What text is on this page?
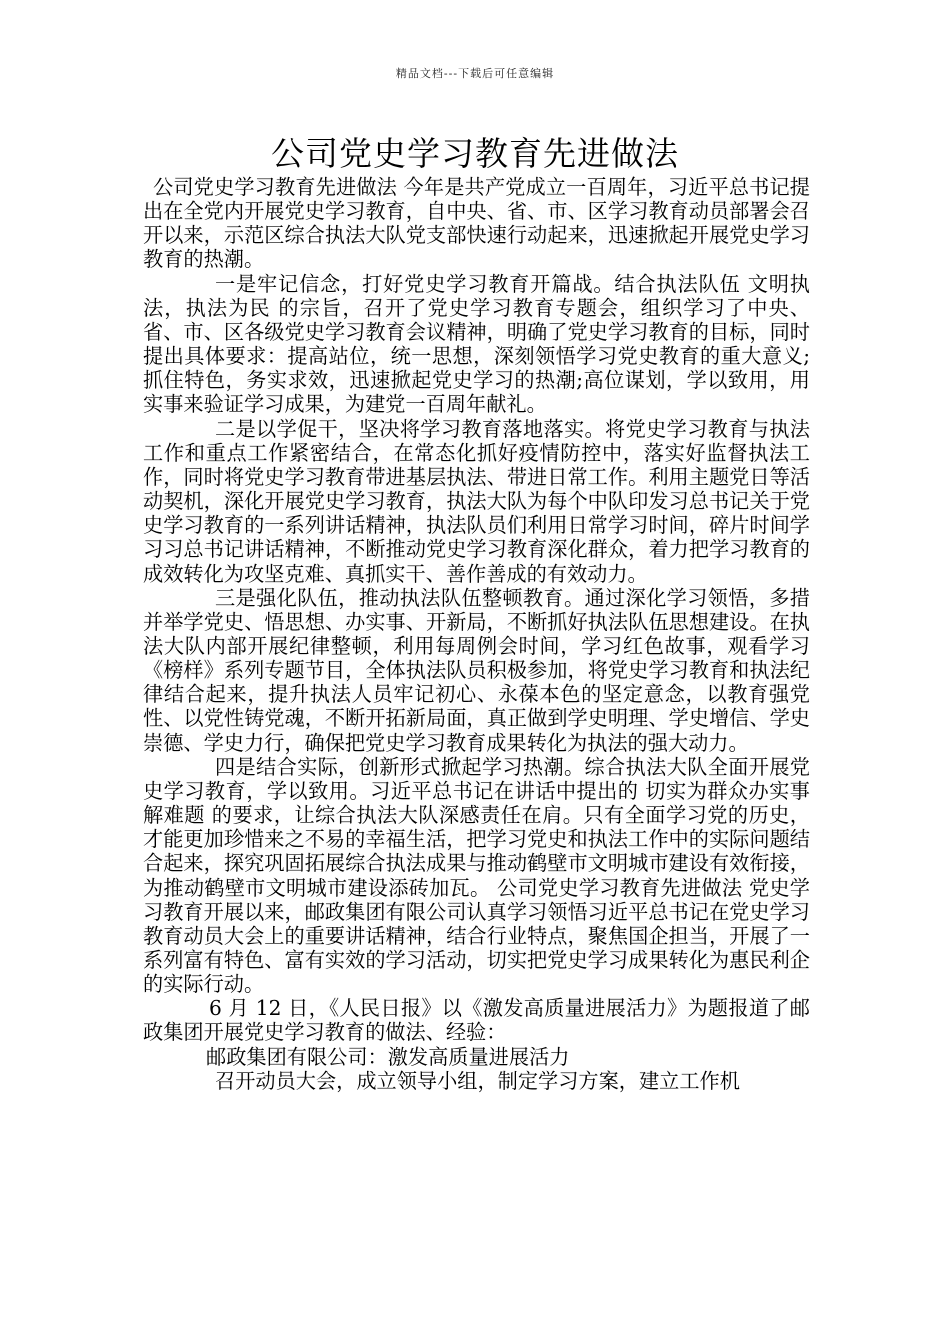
精品文档---下载后可任意编辑
公司党史学习教育先进做法

公司党史学习教育先进做法 今年是共产党成立一百周年，习近平总书记提出在全党内开展党史学习教育，自中央、省、市、区学习教育动员部署会召开以来，示范区综合执法大队党支部快速行动起来，迅速掀起开展党史学习教育的热潮。

一是牢记信念，打好党史学习教育开篇战。结合执法队伍 文明执法，执法为民 的宗旨，召开了党史学习教育专题会，组织学习了中央、省、市、区各级党史学习教育会议精神，明确了党史学习教育的目标，同时提出具体要求：提高站位，统一思想，深刻领悟学习党史教育的重大意义;抓住特色，务实求效，迅速掀起党史学习的热潮;高位谋划，学以致用，用实事来验证学习成果，为建党一百周年献礼。

二是以学促干，坚决将学习教育落地落实。将党史学习教育与执法工作和重点工作紧密结合，在常态化抓好疫情防控中，落实好监督执法工作，同时将党史学习教育带进基层执法、带进日常工作。利用主题党日等活动契机，深化开展党史学习教育，执法大队为每个中队印发习总书记关于党史学习教育的一系列讲话精神，执法队员们利用日常学习时间，碎片时间学习习总书记讲话精神，不断推动党史学习教育深化群众，着力把学习教育的成效转化为攻坚克难、真抓实干、善作善成的有效动力。

三是强化队伍，推动执法队伍整顿教育。通过深化学习领悟，多措并举学党史、悟思想、办实事、开新局，不断抓好执法队伍思想建设。在执法大队内部开展纪律整顿，利用每周例会时间，学习红色故事，观看学习《榜样》系列专题节目，全体执法队员积极参加，将党史学习教育和执法纪律结合起来，提升执法人员牢记初心、永葆本色的坚定意念，以教育强党性、以党性铸党魂，不断开拓新局面，真正做到学史明理、学史增信、学史崇德、学史力行，确保把党史学习教育成果转化为执法的强大动力。

四是结合实际，创新形式掀起学习热潮。综合执法大队全面开展党史学习教育，学以致用。习近平总书记在讲话中提出的 切实为群众办实事解难题 的要求，让综合执法大队深感责任在肩。只有全面学习党的历史，才能更加珍惜来之不易的幸福生活，把学习党史和执法工作中的实际问题结合起来，探究巩固拓展综合执法成果与推动鹤壁市文明城市建设有效衔接，为推动鹤壁市文明城市建设添砖加瓦。 公司党史学习教育先进做法 党史学习教育开展以来，邮政集团有限公司认真学习领悟习近平总书记在党史学习教育动员大会上的重要讲话精神，结合行业特点，聚焦国企担当，开展了一系列富有特色、富有实效的学习活动，切实把党史学习成果转化为惠民利企的实际行动。

6 月 12 日，《人民日报》以《激发高质量进展活力》为题报道了邮政集团开展党史学习教育的做法、经验：

邮政集团有限公司：激发高质量进展活力

召开动员大会，成立领导小组，制定学习方案，建立工作机
